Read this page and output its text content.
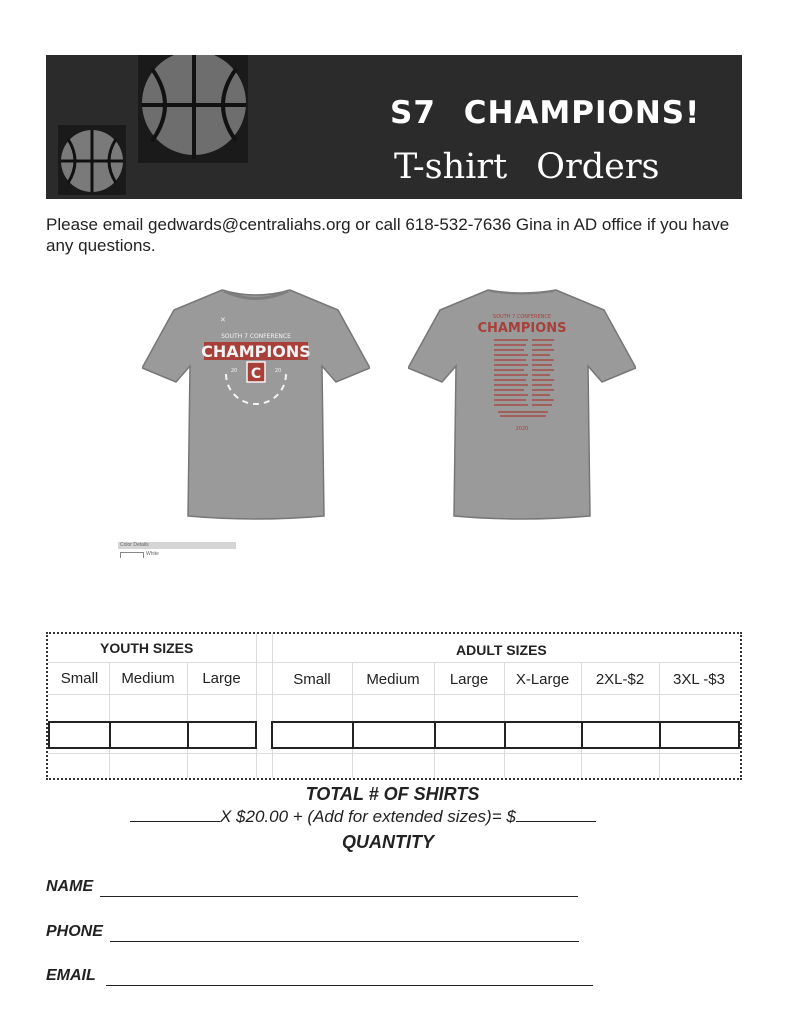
S7 CHAMPIONS!
T-shirt Orders
Please email gedwards@centraliahs.org or call 618-532-7636 Gina in AD office if you have any questions.
✕
SOUTH 7 CONFERENCE
CHAMPIONS
C
20	20
SOUTH 7 CONFERENCE
CHAMPIONS
2020
Color Details
White
YOUTH SIZES	ADULT SIZES
Small	Medium	Large	Small	Medium	Large	X-Large	2XL-$2	3XL -$3
TOTAL # OF SHIRTS
X $20.00 + (Add for extended sizes)= $
QUANTITY
NAME
PHONE
EMAIL
